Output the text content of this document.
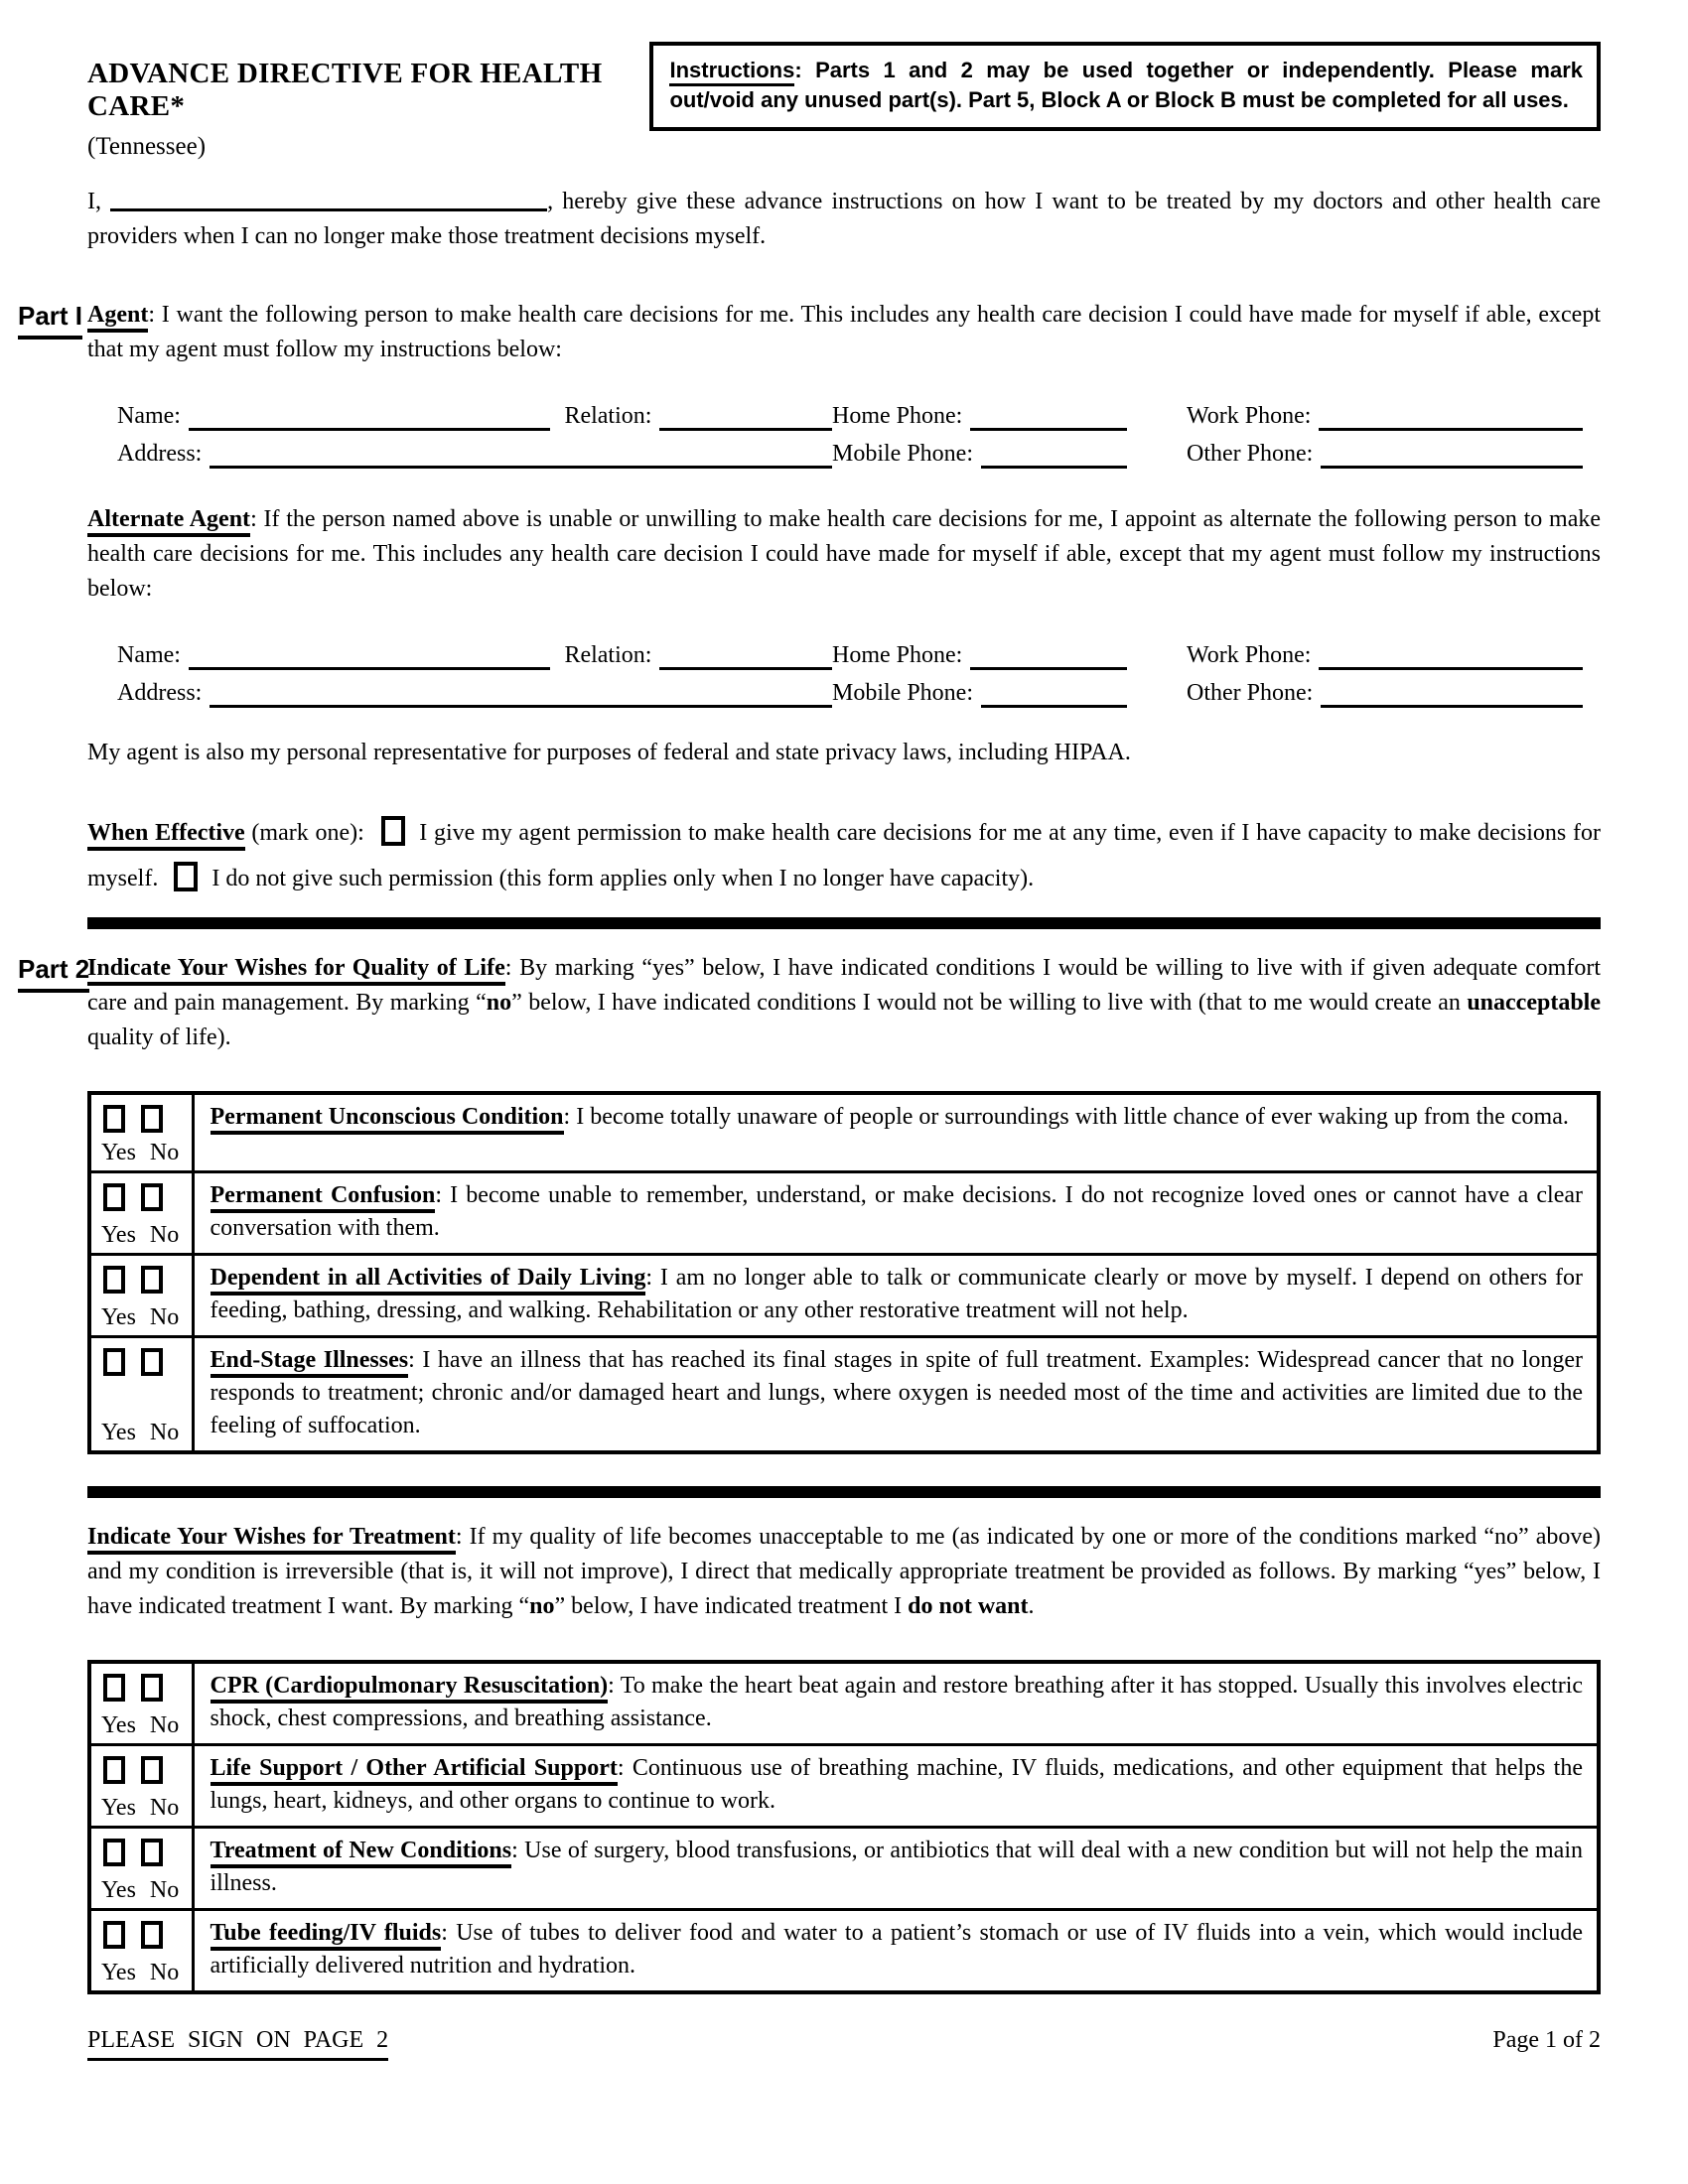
ADVANCE DIRECTIVE FOR HEALTH CARE*
(Tennessee)
Instructions: Parts 1 and 2 may be used together or independently. Please mark out/void any unused part(s). Part 5, Block A or Block B must be completed for all uses.

I,	, hereby give these advance instructions on how I want to be treated by my doctors and other health care providers when I can no longer make those treatment decisions myself.

Part I Agent: I want the following person to make health care decisions for me. This includes any health care decision I could have made for myself if able, except that my agent must follow my instructions below:

Name:	Relation:	Home Phone:	Work Phone:
Address:	Mobile Phone:	Other Phone:

Alternate Agent: If the person named above is unable or unwilling to make health care decisions for me, I appoint as alternate the following person to make health care decisions for me. This includes any health care decision I could have made for myself if able, except that my agent must follow my instructions below:

Name:	Relation:	Home Phone:	Work Phone:
Address:	Mobile Phone:	Other Phone:

My agent is also my personal representative for purposes of federal and state privacy laws, including HIPAA.

When Effective (mark one):  I give my agent permission to make health care decisions for me at any time, even if I have capacity to make decisions for myself.  I do not give such permission (this form applies only when I no longer have capacity).

Part 2
Indicate Your Wishes for Quality of Life: By marking “yes” below, I have indicated conditions I would be willing to live with if given adequate comfort care and pain management. By marking “no” below, I have indicated conditions I would not be willing to live with (that to me would create an unacceptable quality of life).

Yes No	Permanent Unconscious Condition: I become totally unaware of people or surroundings with little chance of ever waking up from the coma.

Yes No	Permanent Confusion: I become unable to remember, understand, or make decisions. I do not recognize loved ones or cannot have a clear conversation with them.

Yes No	Dependent in all Activities of Daily Living: I am no longer able to talk or communicate clearly or move by myself. I depend on others for feeding, bathing, dressing, and walking. Rehabilitation or any other restorative treatment will not help.

Yes No	End-Stage Illnesses: I have an illness that has reached its final stages in spite of full treatment. Examples: Widespread cancer that no longer responds to treatment; chronic and/or damaged heart and lungs, where oxygen is needed most of the time and activities are limited due to the feeling of suffocation.

Indicate Your Wishes for Treatment: If my quality of life becomes unacceptable to me (as indicated by one or more of the conditions marked “no” above) and my condition is irreversible (that is, it will not improve), I direct that medically appropriate treatment be provided as follows. By marking “yes” below, I have indicated treatment I want. By marking “no” below, I have indicated treatment I do not want.

Yes No	CPR (Cardiopulmonary Resuscitation): To make the heart beat again and restore breathing after it has stopped. Usually this involves electric shock, chest compressions, and breathing assistance.

Yes No	Life Support / Other Artificial Support: Continuous use of breathing machine, IV fluids, medications, and other equipment that helps the lungs, heart, kidneys, and other organs to continue to work.

Yes No	Treatment of New Conditions: Use of surgery, blood transfusions, or antibiotics that will deal with a new condition but will not help the main illness.

Yes No	Tube feeding/IV fluids: Use of tubes to deliver food and water to a patient’s stomach or use of IV fluids into a vein, which would include artificially delivered nutrition and hydration.
PLEASE SIGN ON PAGE 2	Page 1 of 2
